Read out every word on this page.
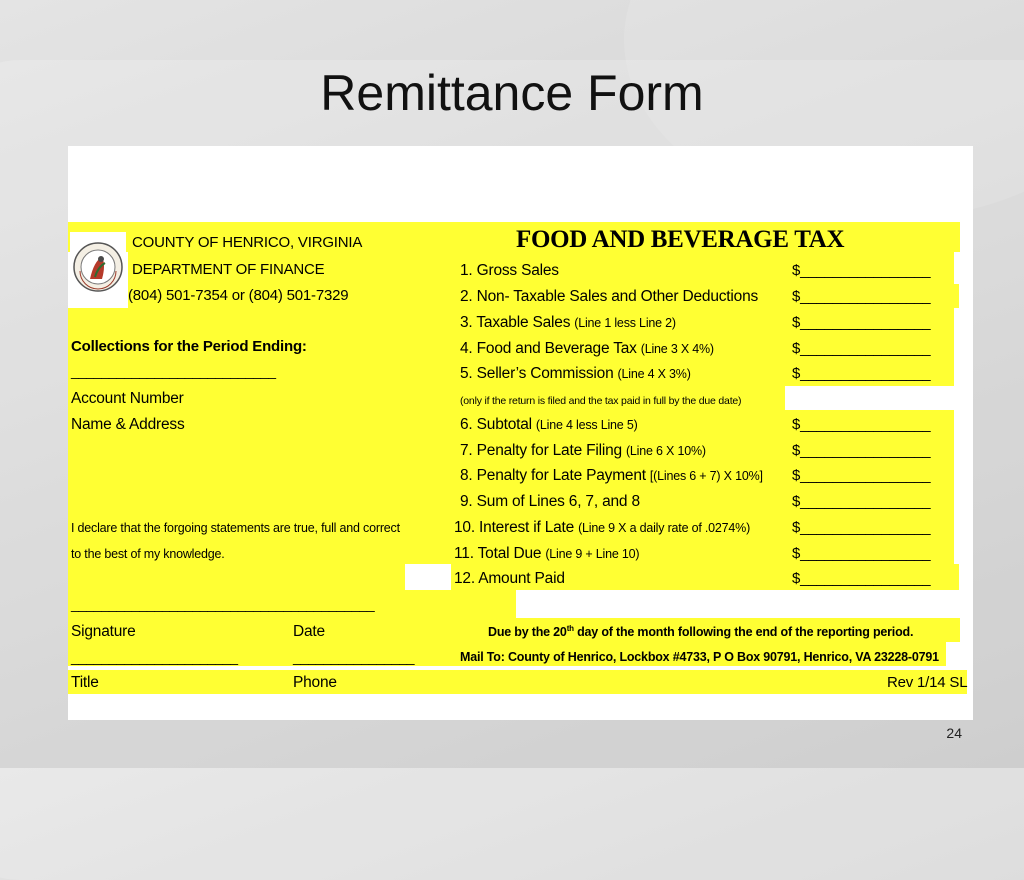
Remittance Form
COUNTY OF HENRICO, VIRGINIA
DEPARTMENT OF FINANCE
(804) 501-7354 or (804) 501-7329
FOOD AND BEVERAGE TAX
Collections for the Period Ending:
___________________________
Account Number
Name & Address
I declare that the forgoing statements are true, full and correct
to the best of my knowledge.
________________________________________
Signature	Date
______________________	________________
Title	Phone
1. Gross Sales	$________________
2. Non- Taxable Sales and Other Deductions $________________
3. Taxable Sales (Line 1 less Line 2)	$________________
4. Food and Beverage Tax (Line 3 X 4%)	$________________
5. Seller’s Commission (Line 4 X 3%)	$________________
(only if the return is filed and the tax paid in full by the due date)
6. Subtotal (Line 4 less Line 5)	$________________
7. Penalty for Late Filing (Line 6 X 10%)	$________________
8. Penalty for Late Payment [(Lines 6 + 7) X 10%] $________________
9. Sum of Lines 6, 7, and 8	$________________
10. Interest if Late (Line 9 X a daily rate of .0274%)	$________________
11. Total Due (Line 9 + Line 10)	$________________
12. Amount Paid	$________________
Due by the 20th day of the month following the end of the reporting period.
Mail To: County of Henrico, Lockbox #4733, P O Box 90791, Henrico, VA 23228-0791
Rev 1/14 SL
24
